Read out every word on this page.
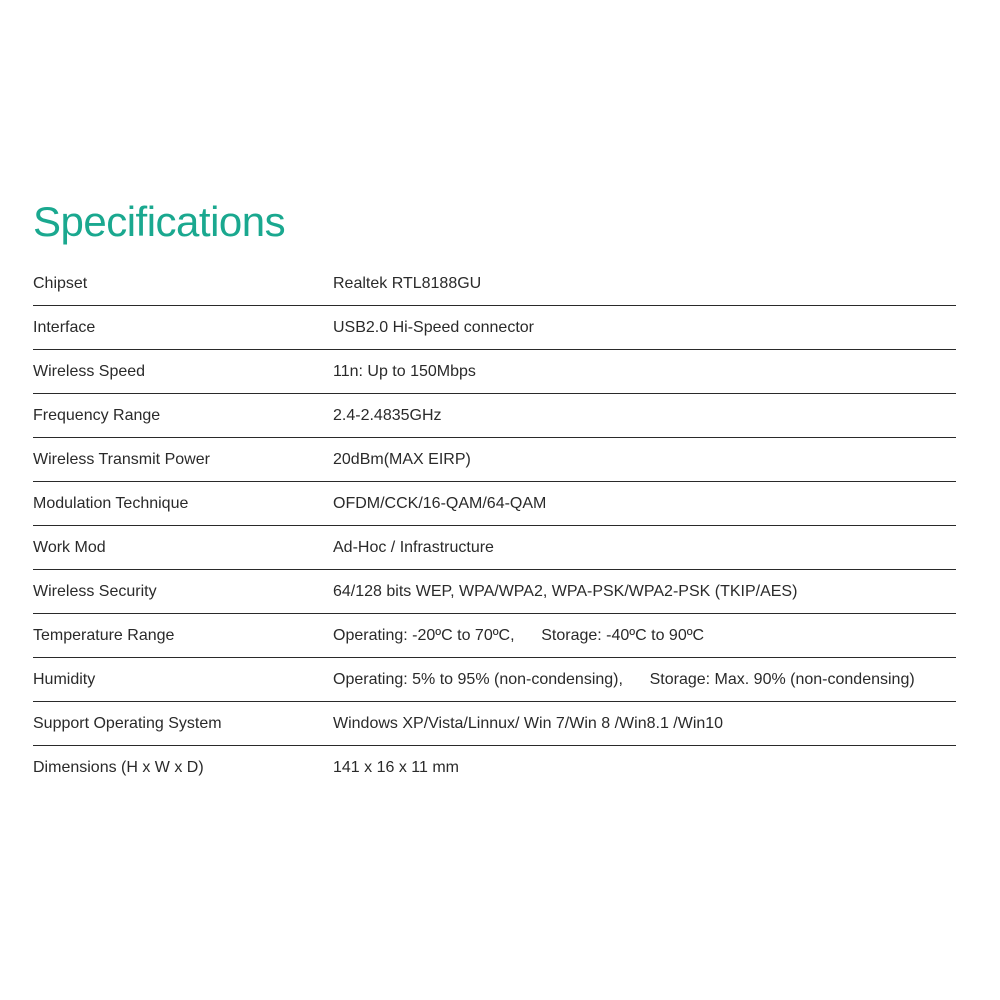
Specifications
Chipset	Realtek RTL8188GU
Interface	USB2.0 Hi-Speed connector
Wireless Speed	11n: Up to 150Mbps
Frequency Range	2.4-2.4835GHz
Wireless Transmit Power	20dBm(MAX EIRP)
Modulation Technique	OFDM/CCK/16-QAM/64-QAM
Work Mod	Ad-Hoc / Infrastructure
Wireless Security	64/128 bits WEP, WPA/WPA2, WPA-PSK/WPA2-PSK (TKIP/AES)
Temperature Range	Operating: -20ºC to 70ºC,      Storage: -40ºC to 90ºC
Humidity	Operating: 5% to 95% (non-condensing),      Storage: Max. 90% (non-condensing)
Support Operating System	Windows XP/Vista/Linnux/ Win 7/Win 8 /Win8.1 /Win10
Dimensions (H x W x D)	141 x 16 x 11 mm
